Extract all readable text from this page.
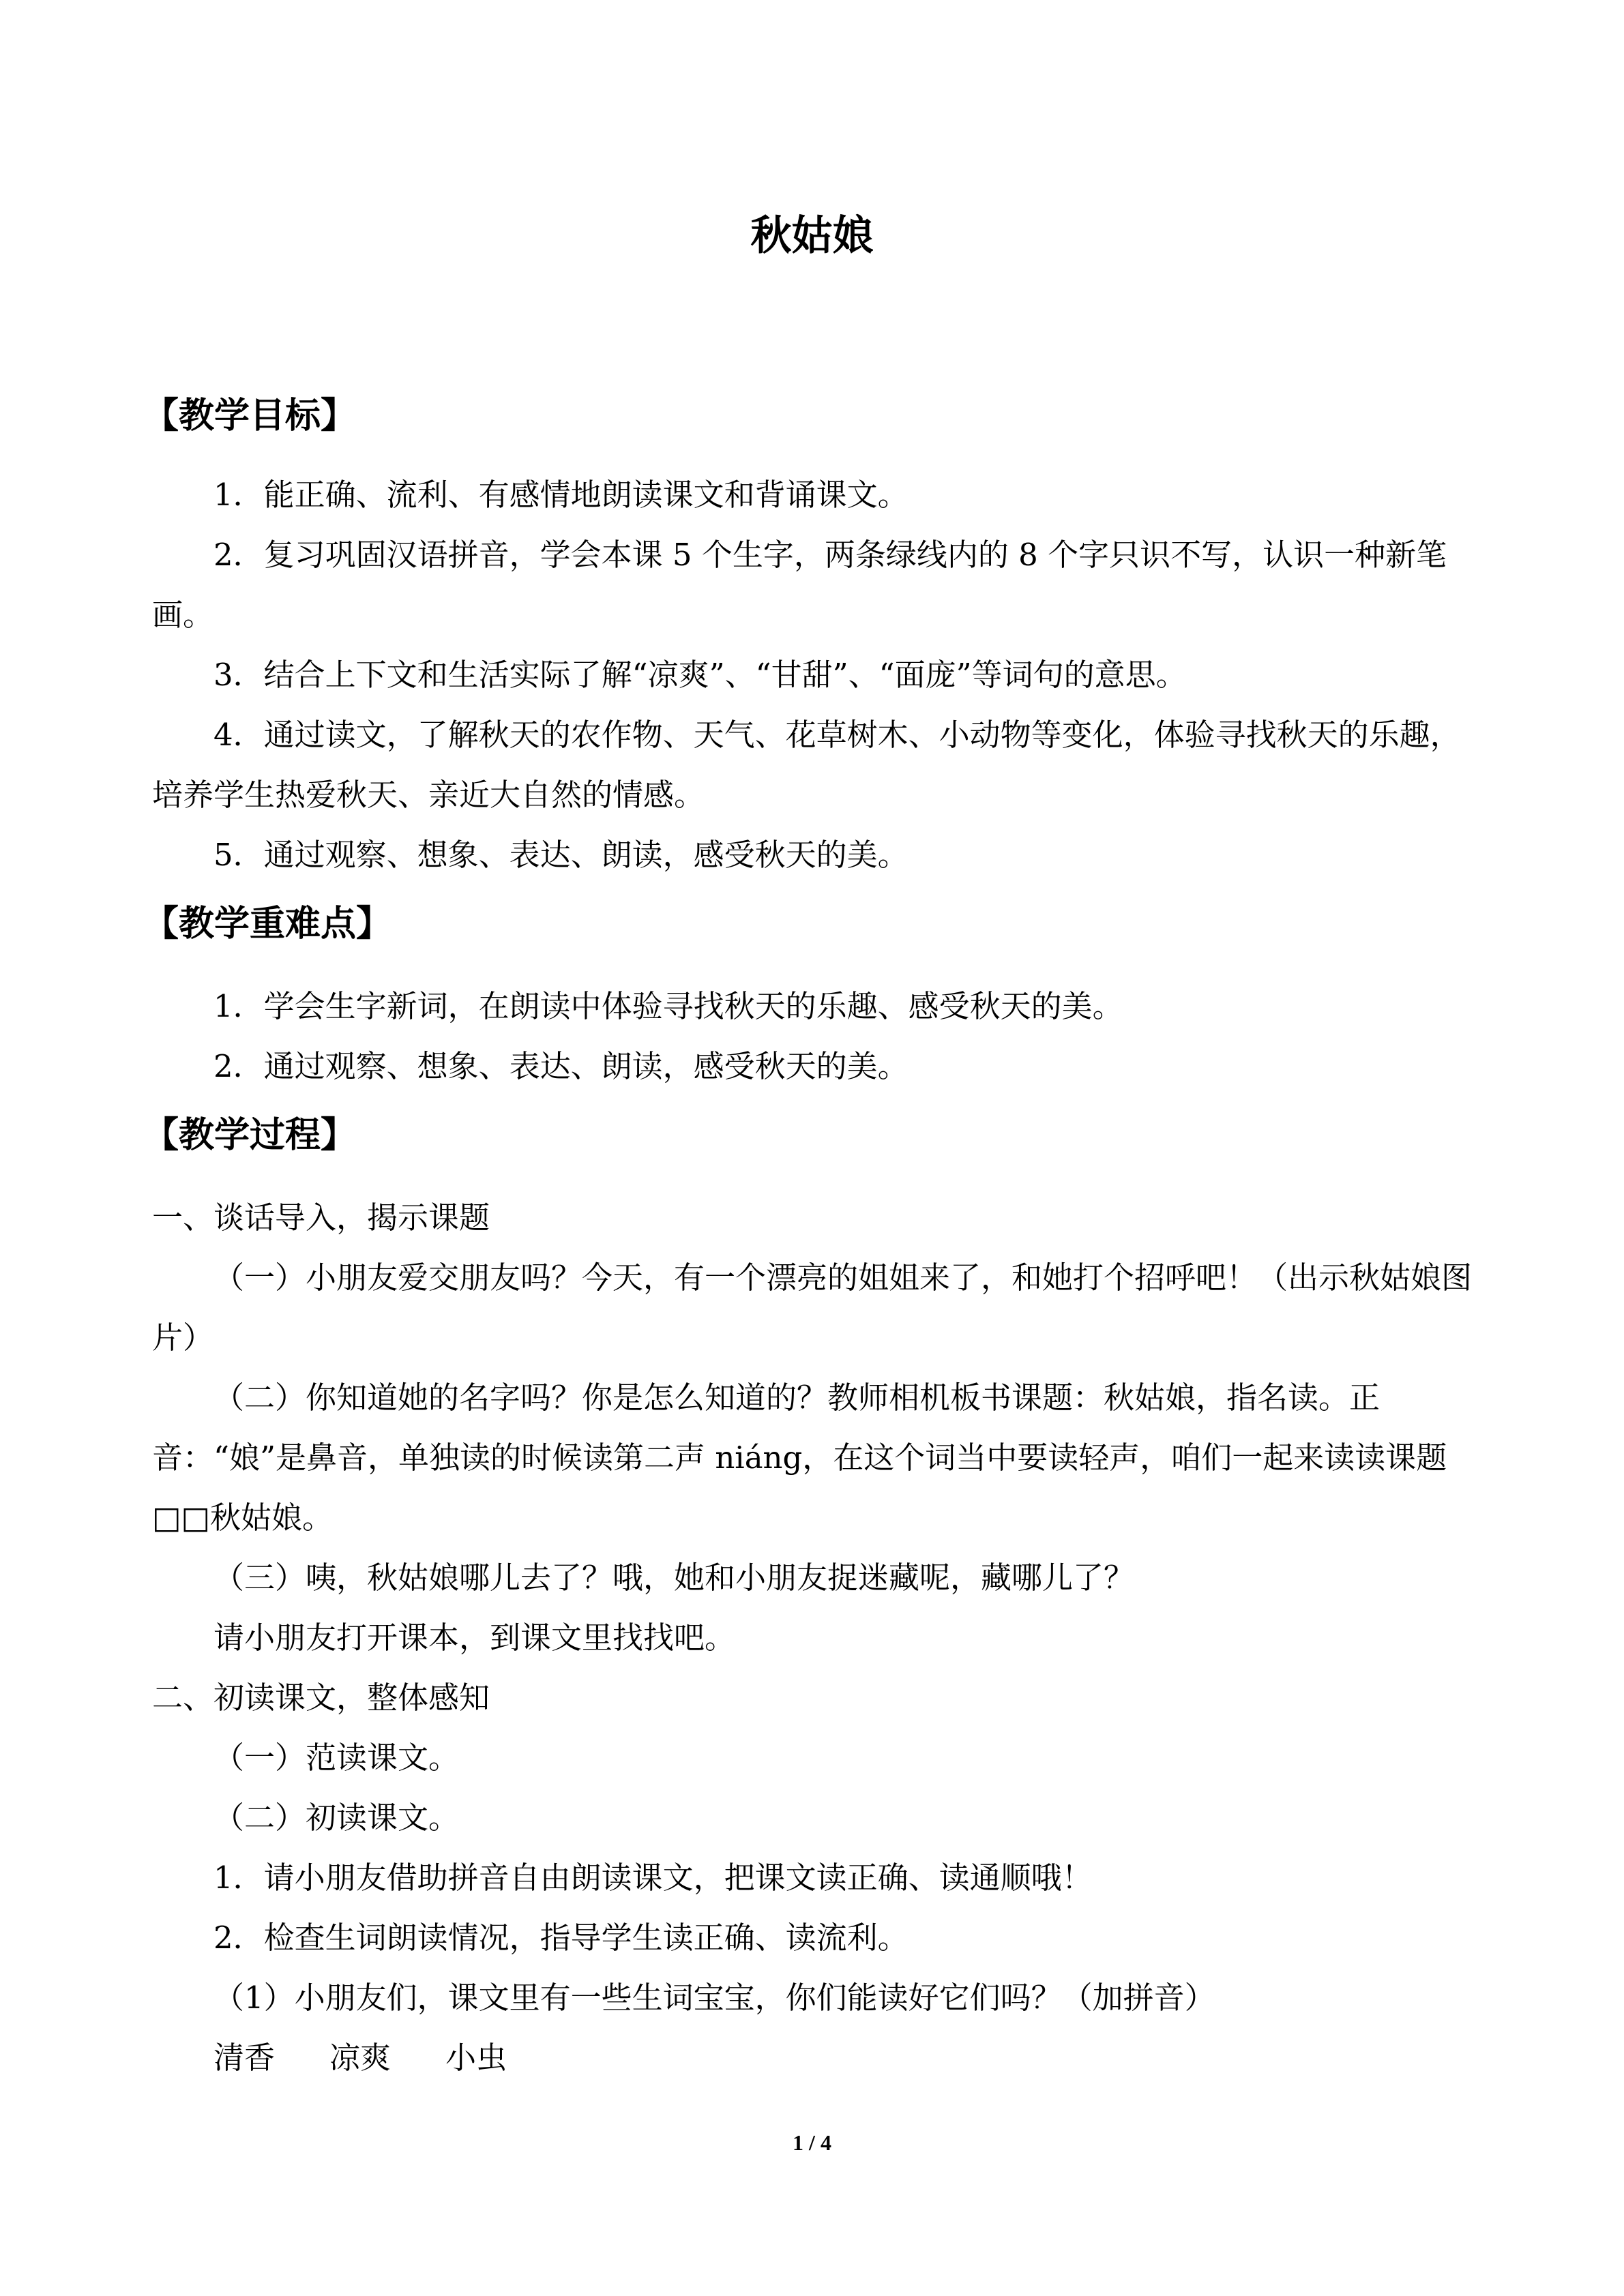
秋姑娘
【教学目标】
1．能正确、流利、有感情地朗读课文和背诵课文。
2．复习巩固汉语拼音，学会本课 5 个生字，两条绿线内的 8 个字只识不写，认识一种新笔画。
3．结合上下文和生活实际了解“凉爽”、“甘甜”、“面庞”等词句的意思。
4．通过读文，了解秋天的农作物、天气、花草树木、小动物等变化，体验寻找秋天的乐趣，培养学生热爱秋天、亲近大自然的情感。
5．通过观察、想象、表达、朗读，感受秋天的美。
【教学重难点】
1．学会生字新词，在朗读中体验寻找秋天的乐趣、感受秋天的美。
2．通过观察、想象、表达、朗读，感受秋天的美。
【教学过程】
一、谈话导入，揭示课题
（一）小朋友爱交朋友吗？今天，有一个漂亮的姐姐来了，和她打个招呼吧！（出示秋姑娘图片）
（二）你知道她的名字吗？你是怎么知道的？教师相机板书课题：秋姑娘，指名读。正音：“娘”是鼻音，单独读的时候读第二声 niáng，在这个词当中要读轻声，咱们一起来读读课题□□秋姑娘。
（三）咦，秋姑娘哪儿去了？哦，她和小朋友捉迷藏呢，藏哪儿了？
请小朋友打开课本，到课文里找找吧。
二、初读课文，整体感知
（一）范读课文。
（二）初读课文。
1．请小朋友借助拼音自由朗读课文，把课文读正确、读通顺哦！
2．检查生词朗读情况，指导学生读正确、读流利。
（1）小朋友们，课文里有一些生词宝宝，你们能读好它们吗？（加拼音）
清香 凉爽 小虫
1 / 4
